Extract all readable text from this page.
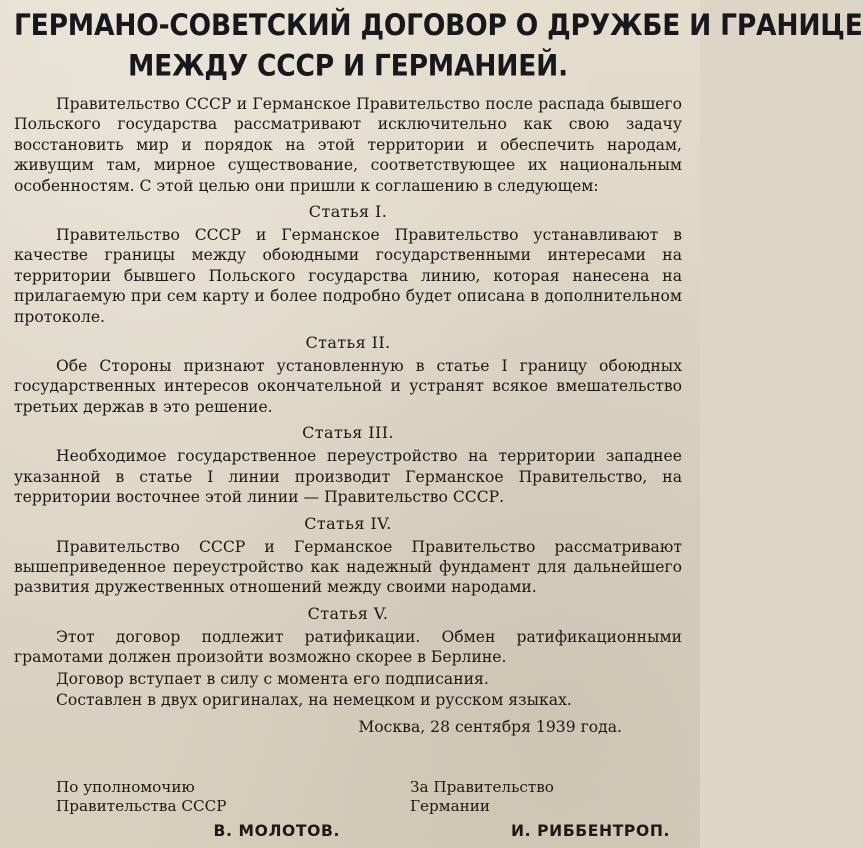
ГЕРМАНО-СОВЕТСКИЙ ДОГОВОР О ДРУЖБЕ И ГРАНИЦЕ
МЕЖДУ СССР И ГЕРМАНИЕЙ.

Правительство СССР и Германское Правительство после распада бывшего Польского государства рассматривают исключительно как свою задачу восстановить мир и порядок на этой территории и обеспечить народам, живущим там, мирное существование, соответствующее их национальным особенностям. С этой целью они пришли к соглашению в следующем:

Статья I.

Правительство СССР и Германское Правительство устанавливают в качестве границы между обоюдными государственными интересами на территории бывшего Польского государства линию, которая нанесена на прилагаемую при сем карту и более подробно будет описана в дополнительном протоколе.

Статья II.

Обе Стороны признают установленную в статье I границу обоюдных государственных интересов окончательной и устранят всякое вмешательство третьих держав в это решение.

Статья III.

Необходимое государственное переустройство на территории западнее указанной в статье I линии производит Германское Правительство, на территории восточнее этой линии — Правительство СССР.

Статья IV.

Правительство СССР и Германское Правительство рассматривают вышеприведенное переустройство как надежный фундамент для дальнейшего развития дружественных отношений между своими народами.

Статья V.

Этот договор подлежит ратификации. Обмен ратификационными грамотами должен произойти возможно скорее в Берлине.

Договор вступает в силу с момента его подписания.

Составлен в двух оригиналах, на немецком и русском языках.

Москва, 28 сентября 1939 года.
По уполномочию
Правительства СССР
В. МОЛОТОВ.
За Правительство
Германии
И. РИББЕНТРОП.
